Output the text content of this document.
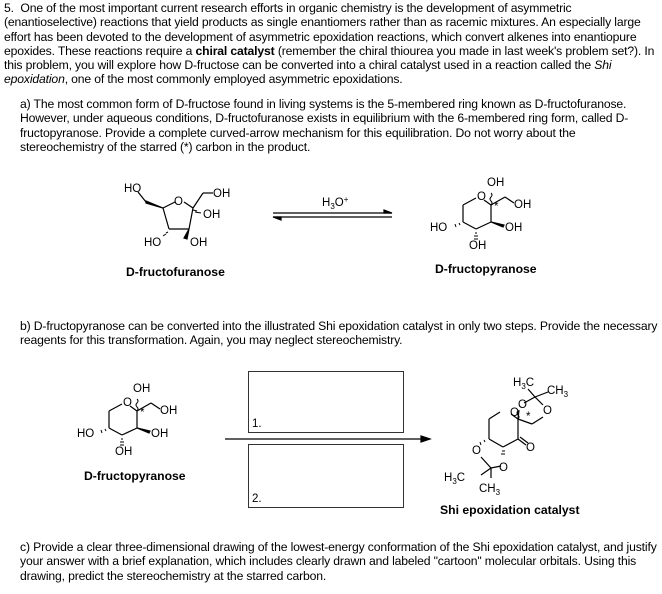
5. One of the most important current research efforts in organic chemistry is the development of asymmetric (enantioselective) reactions that yield products as single enantiomers rather than as racemic mixtures. An especially large effort has been devoted to the development of asymmetric epoxidation reactions, which convert alkenes into enantiopure epoxides. These reactions require a chiral catalyst (remember the chiral thiourea you made in last week's problem set?). In this problem, you will explore how D-fructose can be converted into a chiral catalyst used in a reaction called the Shi epoxidation, one of the most commonly employed asymmetric epoxidations.

a) The most common form of D-fructose found in living systems is the 5-membered ring known as D-fructofuranose. However, under aqueous conditions, D-fructofuranose exists in equilibrium with the 6-membered ring form, called D-fructopyranose. Provide a complete curved-arrow mechanism for this equilibration. Do not worry about the stereochemistry of the starred (*) carbon in the product.

HO
O
OH
OH
HO	OH
$H_3O^+$	O
OH
* OH
HO	OH
OH
O
OH
* OH
HO	OH
OH
O
O O
*
O
O
O
$H_3C$
$CH_3$
$H_3C$
$CH_3$
D-fructofuranose	D-fructopyranose

b) D-fructopyranose can be converted into the illustrated Shi epoxidation catalyst in only two steps. Provide the necessary reagents for this transformation. Again, you may neglect stereochemistry.

D-fructopyranose
Shi epoxidation catalyst
1.
2.

c) Provide a clear three-dimensional drawing of the lowest-energy conformation of the Shi epoxidation catalyst, and justify your answer with a brief explanation, which includes clearly drawn and labeled "cartoon" molecular orbitals. Using this drawing, predict the stereochemistry at the starred carbon.
